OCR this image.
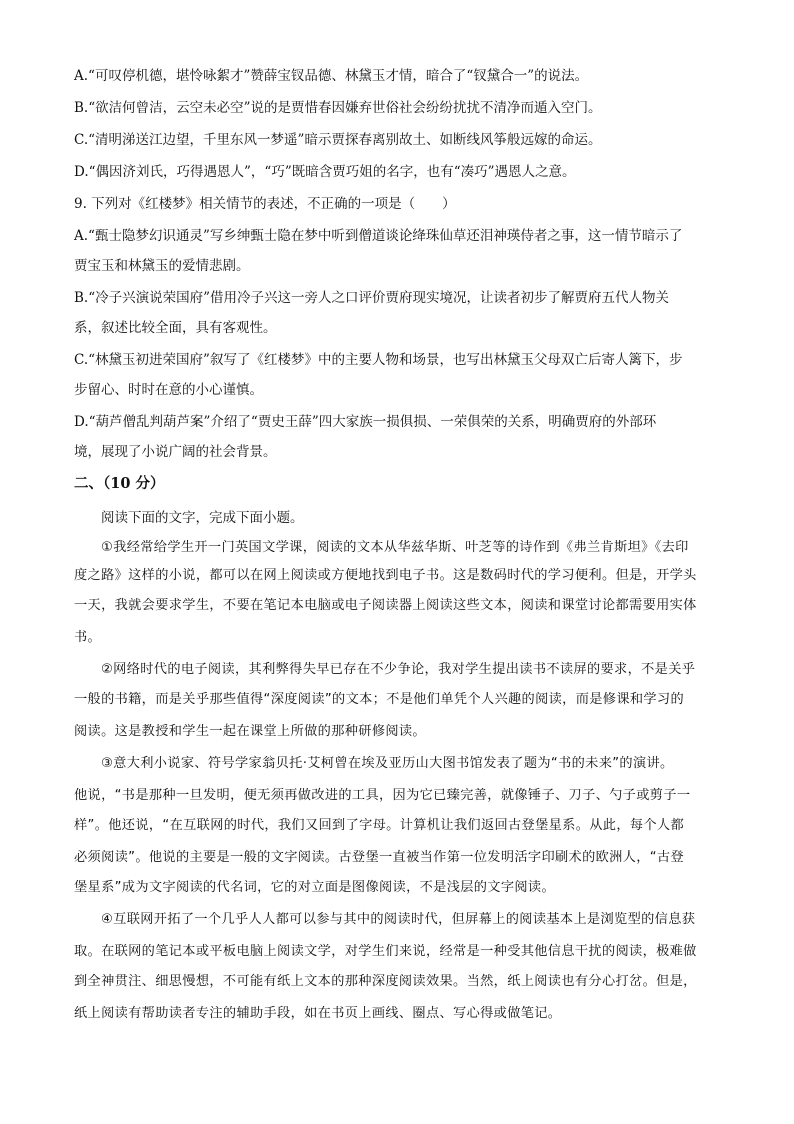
A.“可叹停机德，堪怜咏絮才”赞薛宝钗品德、林黛玉才情，暗合了“钗黛合一”的说法。
B.“欲洁何曾洁，云空未必空”说的是贾惜春因嫌弃世俗社会纷纷扰扰不清净而遁入空门。
C.“清明涕送江边望，千里东风一梦遥”暗示贾探春离别故土、如断线风筝般远嫁的命运。
D.“偶因济刘氏，巧得遇恩人”，“巧”既暗含贾巧姐的名字，也有“凑巧”遇恩人之意。
9. 下列对《红楼梦》相关情节的表述，不正确的一项是（　　）
A.“甄士隐梦幻识通灵”写乡绅甄士隐在梦中听到僧道谈论绛珠仙草还泪神瑛侍者之事，这一情节暗示了
贾宝玉和林黛玉的爱情悲剧。
B.“冷子兴演说荣国府”借用冷子兴这一旁人之口评价贾府现实境况，让读者初步了解贾府五代人物关
系，叙述比较全面，具有客观性。
C.“林黛玉初进荣国府”叙写了《红楼梦》中的主要人物和场景，也写出林黛玉父母双亡后寄人篱下，步
步留心、时时在意的小心谨慎。
D.“葫芦僧乱判葫芦案”介绍了“贾史王薛”四大家族一损俱损、一荣俱荣的关系，明确贾府的外部环
境，展现了小说广阔的社会背景。
二、（10 分）
阅读下面的文字，完成下面小题。
①我经常给学生开一门英国文学课，阅读的文本从华兹华斯、叶芝等的诗作到《弗兰肯斯坦》《去印
度之路》这样的小说，都可以在网上阅读或方便地找到电子书。这是数码时代的学习便利。但是，开学头
一天，我就会要求学生，不要在笔记本电脑或电子阅读器上阅读这些文本，阅读和课堂讨论都需要用实体
书。
②网络时代的电子阅读，其利弊得失早已存在不少争论，我对学生提出读书不读屏的要求，不是关乎
一般的书籍，而是关乎那些值得“深度阅读”的文本；不是他们单凭个人兴趣的阅读，而是修课和学习的
阅读。这是教授和学生一起在课堂上所做的那种研修阅读。
③意大利小说家、符号学家翁贝托·艾柯曾在埃及亚历山大图书馆发表了题为“书的未来”的演讲。
他说，“书是那种一旦发明，便无须再做改进的工具，因为它已臻完善，就像锤子、刀子、勺子或剪子一
样”。他还说，“在互联网的时代，我们又回到了字母。计算机让我们返回古登堡星系。从此，每个人都
必须阅读”。他说的主要是一般的文字阅读。古登堡一直被当作第一位发明活字印刷术的欧洲人，“古登
堡星系”成为文字阅读的代名词，它的对立面是图像阅读，不是浅层的文字阅读。
④互联网开拓了一个几乎人人都可以参与其中的阅读时代，但屏幕上的阅读基本上是浏览型的信息获
取。在联网的笔记本或平板电脑上阅读文学，对学生们来说，经常是一种受其他信息干扰的阅读，极难做
到全神贯注、细思慢想，不可能有纸上文本的那种深度阅读效果。当然，纸上阅读也有分心打岔。但是，
纸上阅读有帮助读者专注的辅助手段，如在书页上画线、圈点、写心得或做笔记。
